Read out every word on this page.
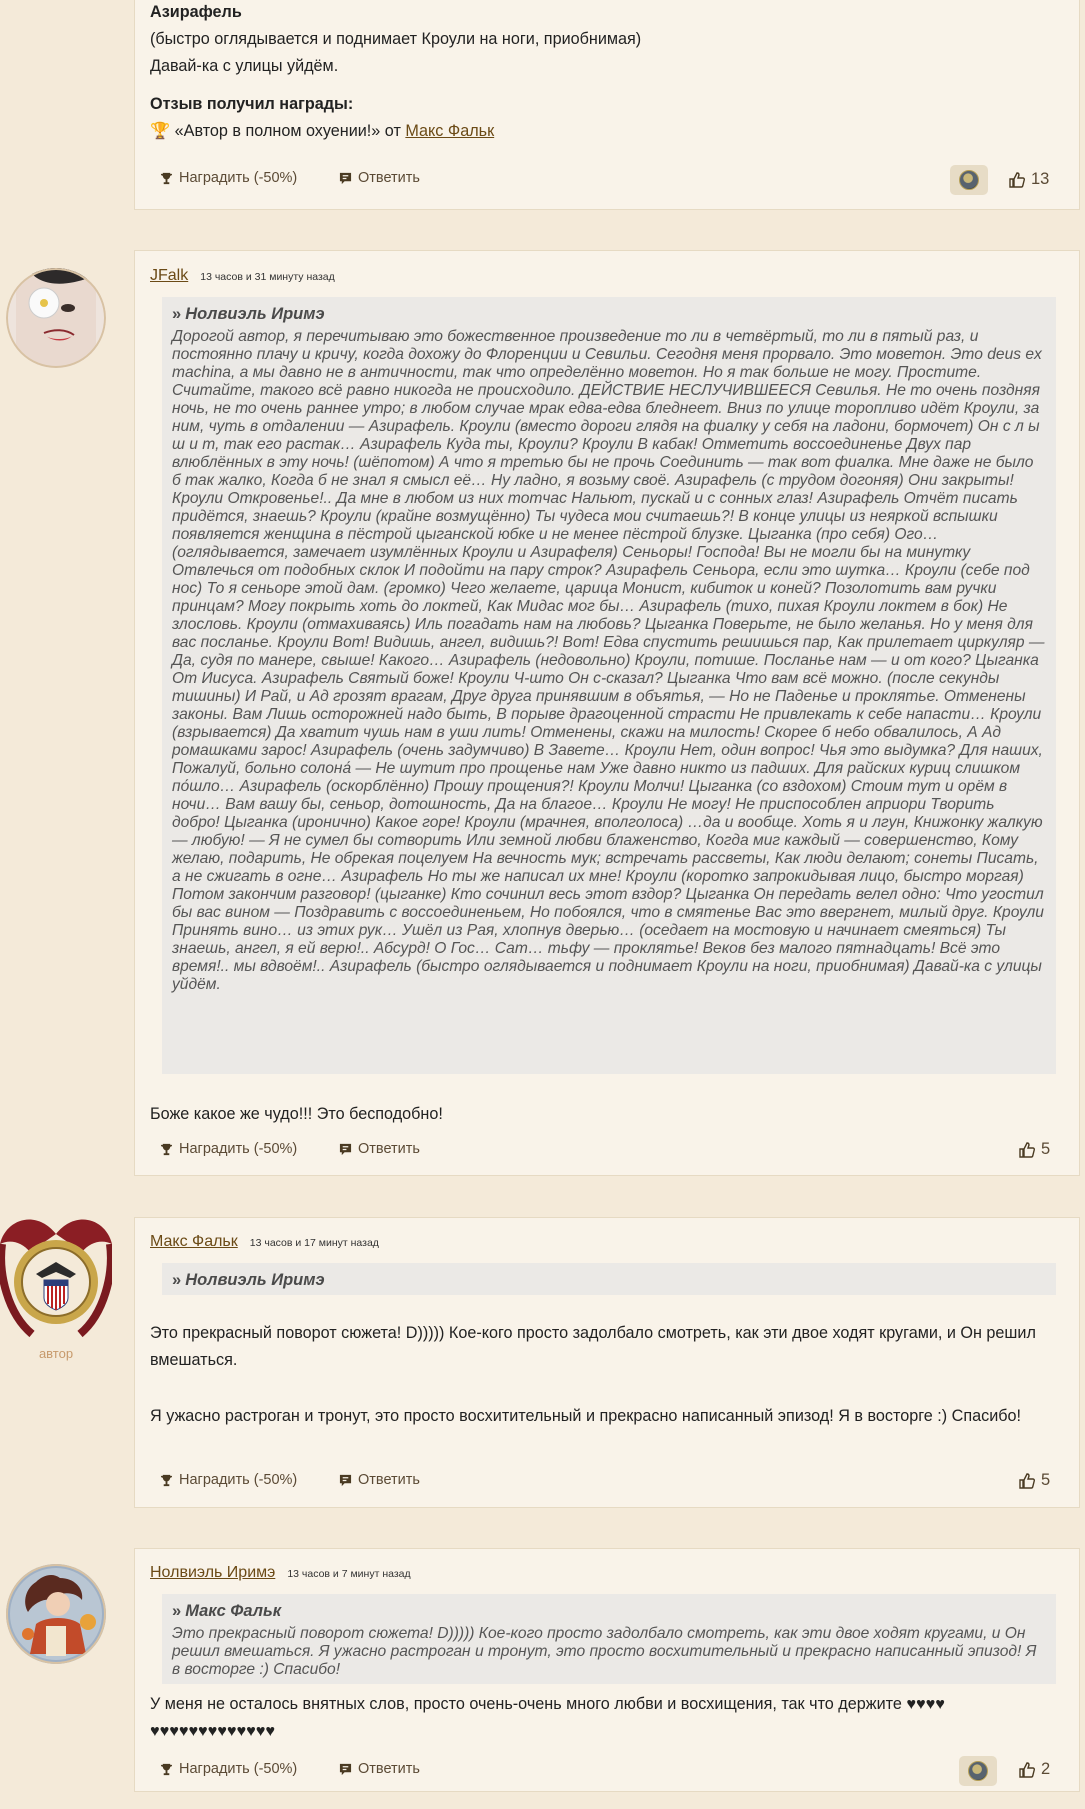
Азирафель
(быстро оглядывается и поднимает Кроули на ноги, приобнимая)
Давай-ка с улицы уйдём.
Отзыв получил награды:
🏆 «Автор в полном охуении!» от Макс Фальк
Наградить (-50%)	Ответить	13
JFalk 13 часов и 31 минуту назад
» Нолвиэль Иримэ
Дорогой автор, я перечитываю это божественное произведение то ли в четвёртый, то ли в пятый раз, и постоянно плачу и кричу, когда дохожу до Флоренции и Севильи. Сегодня меня прорвало. Это моветон. Это deus ex machina, а мы давно не в античности, так что определённо моветон. Но я так больше не могу. Простите. Считайте, такого всё равно никогда не происходило. ДЕЙСТВИЕ НЕСЛУЧИВШЕЕСЯ Севилья. Не то очень поздняя ночь, не то очень раннее утро; в любом случае мрак едва-едва бледнеет. Вниз по улице торопливо идёт Кроули, за ним, чуть в отдалении — Азирафель. Кроули (вместо дороги глядя на фиалку у себя на ладони, бормочет) Он с л ы ш и т, так его растак… Азирафель Куда ты, Кроули? Кроули В кабак! Отметить воссоединенье Двух пар влюблённых в эту ночь! (шёпотом) А что я третью бы не прочь Соединить — так вот фиалка. Мне даже не было б так жалко, Когда б не знал я смысл её… Ну ладно, я возьму своё. Азирафель (с трудом догоняя) Они закрыты! Кроули Откровенье!.. Да мне в любом из них тотчас Нальют, пускай и с сонных глаз! Азирафель Отчёт писать придётся, знаешь? Кроули (крайне возмущённо) Ты чудеса мои считаешь?! В конце улицы из неяркой вспышки появляется женщина в пёстрой цыганской юбке и не менее пёстрой блузке. Цыганка (про себя) Ого… (оглядывается, замечает изумлённых Кроули и Азирафеля) Сеньоры! Господа! Вы не могли бы на минутку Отвлечься от подобных склок И подойти на пару строк? Азирафель Сеньора, если это шутка… Кроули (себе под нос) То я сеньоре этой дам. (громко) Чего желаете, царица Монист, кибиток и коней? Позолотить вам ручки принцам? Могу покрыть хоть до локтей, Как Мидас мог бы… Азирафель (тихо, пихая Кроули локтем в бок) Не злословь. Кроули (отмахиваясь) Иль погадать нам на любовь? Цыганка Поверьте, не было желанья. Но у меня для вас посланье. Кроули Вот! Видишь, ангел, видишь?! Вот! Едва спустить решишься пар, Как прилетает циркуляр — Да, судя по манере, свыше! Какого… Азирафель (недовольно) Кроули, потише. Посланье нам — и от кого? Цыганка От Иисуса. Азирафель Святый боже! Кроули Ч-што Он с-сказал? Цыганка Что вам всё можно. (после секунды тишины) И Рай, и Ад грозят врагам, Друг друга принявшим в объятья, — Но не Паденье и проклятье. Отменены законы. Вам Лишь осторожней надо быть, В порыве драгоценной страсти Не привлекать к себе напасти… Кроули (взрывается) Да хватит чушь нам в уши лить! Отменены, скажи на милость! Скорее б небо обвалилось, А Ад ромашками зарос! Азирафель (очень задумчиво) В Завете… Кроули Нет, один вопрос! Чья это выдумка? Для наших, Пожалуй, больно солона́ — Не шутит про прощенье нам Уже давно никто из падших. Для райских куриц слишком по́шло… Азирафель (оскорблённо) Прошу прощения?! Кроули Молчи! Цыганка (со вздохом) Стоим тут и орём в ночи… Вам вашу бы, сеньор, дотошность, Да на благое… Кроули Не могу! Не приспособлен априори Творить добро! Цыганка (иронично) Какое горе! Кроули (мрачнея, вполголоса) …да и вообще. Хоть я и лгун, Книжонку жалкую — любую! — Я не сумел бы сотворить Или земной любви блаженство, Когда миг каждый — совершенство, Кому желаю, подарить, Не обрекая поцелуем На вечность мук; встречать рассветы, Как люди делают; сонеты Писать, а не сжигать в огне… Азирафель Но ты же написал их мне! Кроули (коротко запрокидывая лицо, быстро моргая) Потом закончим разговор! (цыганке) Кто сочинил весь этот вздор? Цыганка Он передать велел одно: Что угостил бы вас вином — Поздравить с воссоединеньем, Но побоялся, что в смятенье Вас это ввергнет, милый друг. Кроули Принять вино… из этих рук… Ушёл из Рая, хлопнув дверью… (оседает на мостовую и начинает смеяться) Ты знаешь, ангел, я ей верю!.. Абсурд! О Гос… Сат… тьфу — проклятье! Веков без малого пятнадцать! Всё это время!.. мы вдвоём!.. Азирафель (быстро оглядывается и поднимает Кроули на ноги, приобнимая) Давай-ка с улицы уйдём.
Боже какое же чудо!!! Это бесподобно!
Наградить (-50%)	Ответить	5
автор
Макс Фальк 13 часов и 17 минут назад
» Нолвиэль Иримэ
Это прекрасный поворот сюжета! D))))) Кое-кого просто задолбало смотреть, как эти двое ходят кругами, и Он решил вмешаться.
Я ужасно растроган и тронут, это просто восхитительный и прекрасно написанный эпизод! Я в восторге :) Спасибо!
Наградить (-50%)	Ответить	5
Нолвиэль Иримэ 13 часов и 7 минут назад
» Макс Фальк
Это прекрасный поворот сюжета! D))))) Кое-кого просто задолбало смотреть, как эти двое ходят кругами, и Он решил вмешаться. Я ужасно растроган и тронут, это просто восхитительный и прекрасно написанный эпизод! Я в восторге :) Спасибо!
У меня не осталось внятных слов, просто очень-очень много любви и восхищения, так что держите ♥♥♥♥ ♥♥♥♥♥♥♥♥♥♥♥♥♥
Наградить (-50%)	Ответить	2
